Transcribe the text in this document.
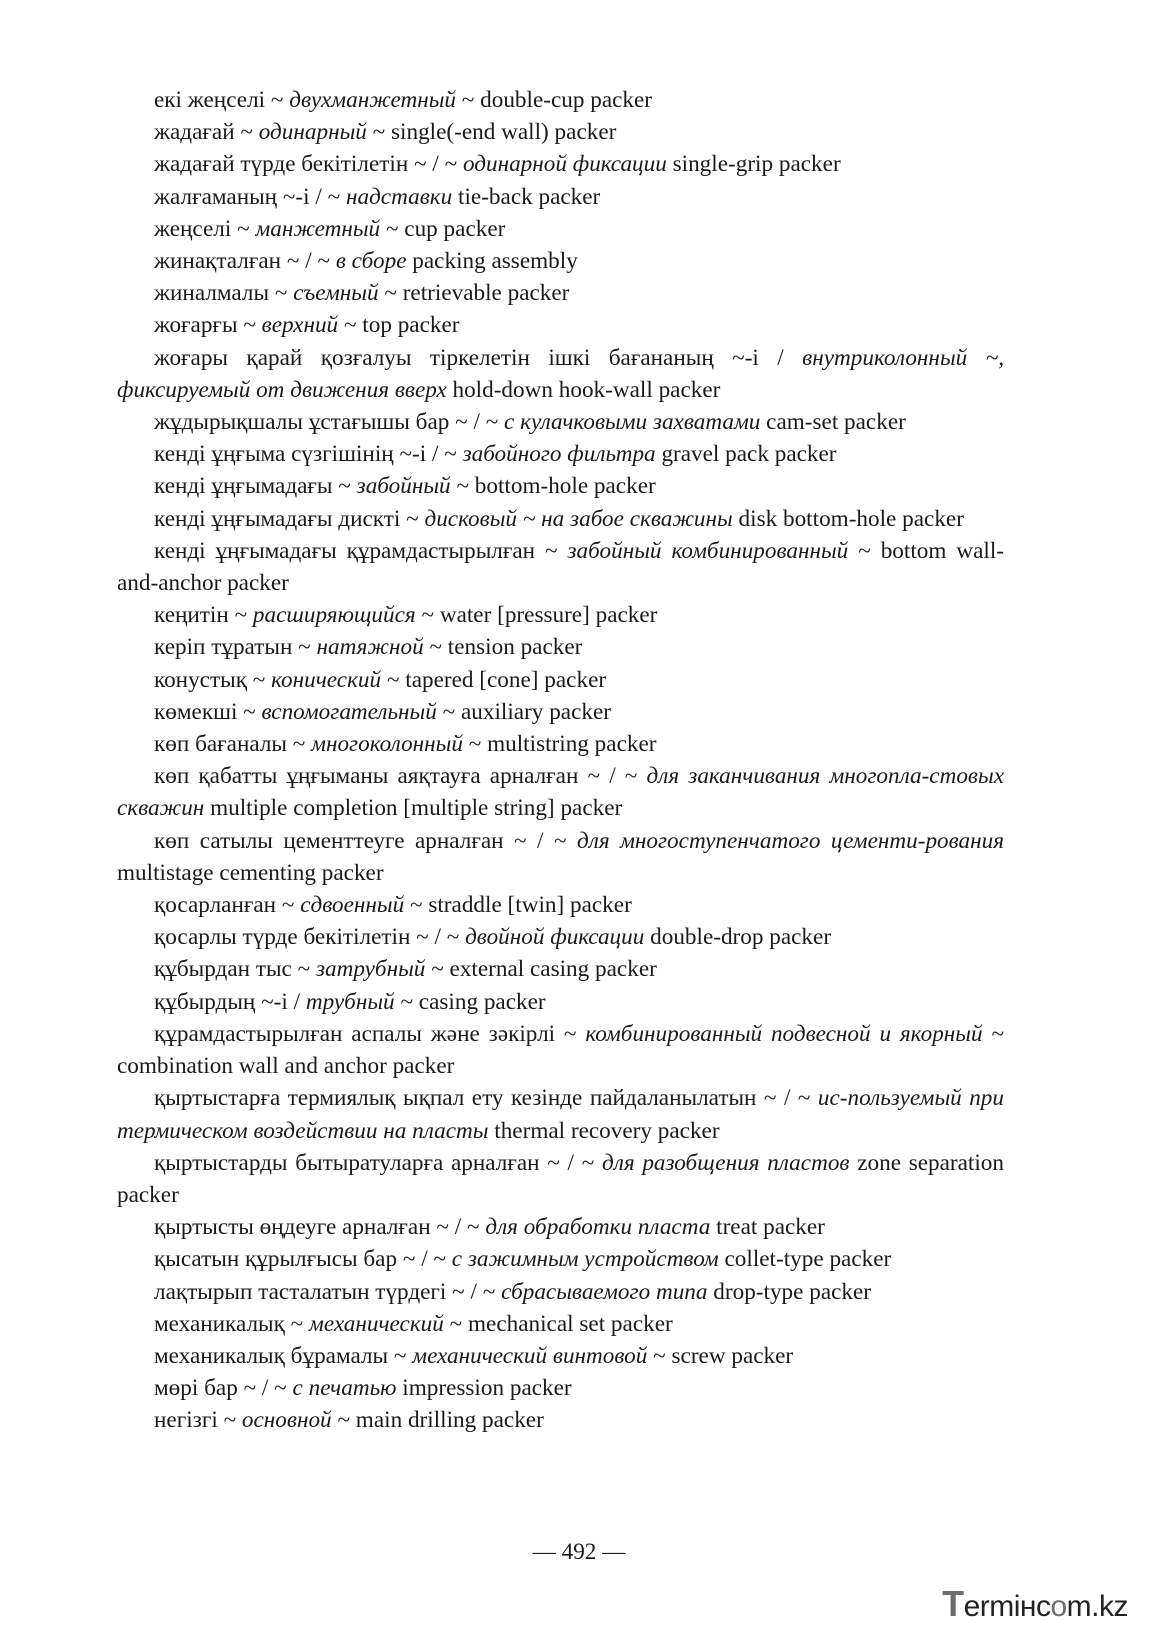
екі жеңселі ~ двухманжетный ~ double-cup packer

жадағай ~ одинарный ~ single(-end wall) packer

жадағай түрде бекітілетін ~ / ~ одинарной фиксации single-grip packer

жалғаманың ~-і / ~ надставки tie-back packer

жеңселі ~ манжетный ~ cup packer

жинақталған ~ / ~ в сборе packing assembly

жиналмалы ~ съемный ~ retrievable packer

жоғарғы ~ верхний ~ top packer

жоғары қарай қозғалуы тіркелетін ішкі бағананың ~-і / внутриколонный ~, фиксируемый от движения вверх hold-down hook-wall packer

жұдырықшалы ұстағышы бар ~ / ~ с кулачковыми захватами cam-set packer

кенді ұңғыма сүзгішінің ~-і / ~ забойного фильтра gravel pack packer

кенді ұңғымадағы ~ забойный ~ bottom-hole packer

кенді ұңғымадағы дискті ~ дисковый ~ на забое скважины disk bottom-hole packer

кенді ұңғымадағы құрамдастырылған ~ забойный комбинированный ~ bottom wall-and-anchor packer

кеңитін ~ расширяющийся ~ water [pressure] packer

керіп тұратын ~ натяжной ~ tension packer

конустық ~ конический ~ tapered [cone] packer

көмекші ~ вспомогательный ~ auxiliary packer

көп бағаналы ~ многоколонный ~ multistring packer

көп қабатты ұңғыманы аяқтауға арналған ~ / ~ для заканчивания многопла-стовых скважин multiple completion [multiple string] packer

көп сатылы цементтеуге арналған ~ / ~ для многоступенчатого цементи-рования multistage cementing packer

қосарланған ~ сдвоенный ~ straddle [twin] packer

қосарлы түрде бекітілетін ~ / ~ двойной фиксации double-drop packer

құбырдан тыс ~ затрубный ~ external casing packer

құбырдың ~-і / трубный ~ casing packer

құрамдастырылған аспалы және зәкірлі ~ комбинированный подвесной и якорный ~ combination wall and anchor packer

қыртыстарға термиялық ықпал ету кезінде пайдаланылатын ~ / ~ ис-пользуемый при термическом воздействии на пласты thermal recovery packer

қыртыстарды бытыратуларға арналған ~ / ~ для разобщения пластов zone separation packer

қыртысты өңдеуге арналған ~ / ~ для обработки пласта treat packer

қысатын құрылғысы бар ~ / ~ с зажимным устройством collet-type packer

лақтырып тасталатын түрдегі ~ / ~ сбрасываемого типа drop-type packer

механикалық ~ механический ~ mechanical set packer

механикалық бұрамалы ~ механический винтовой ~ screw packer

мөрі бар ~ / ~ с печатью impression packer

негізгі ~ основной ~ main drilling packer

— 492 —
Termінcom.kz
